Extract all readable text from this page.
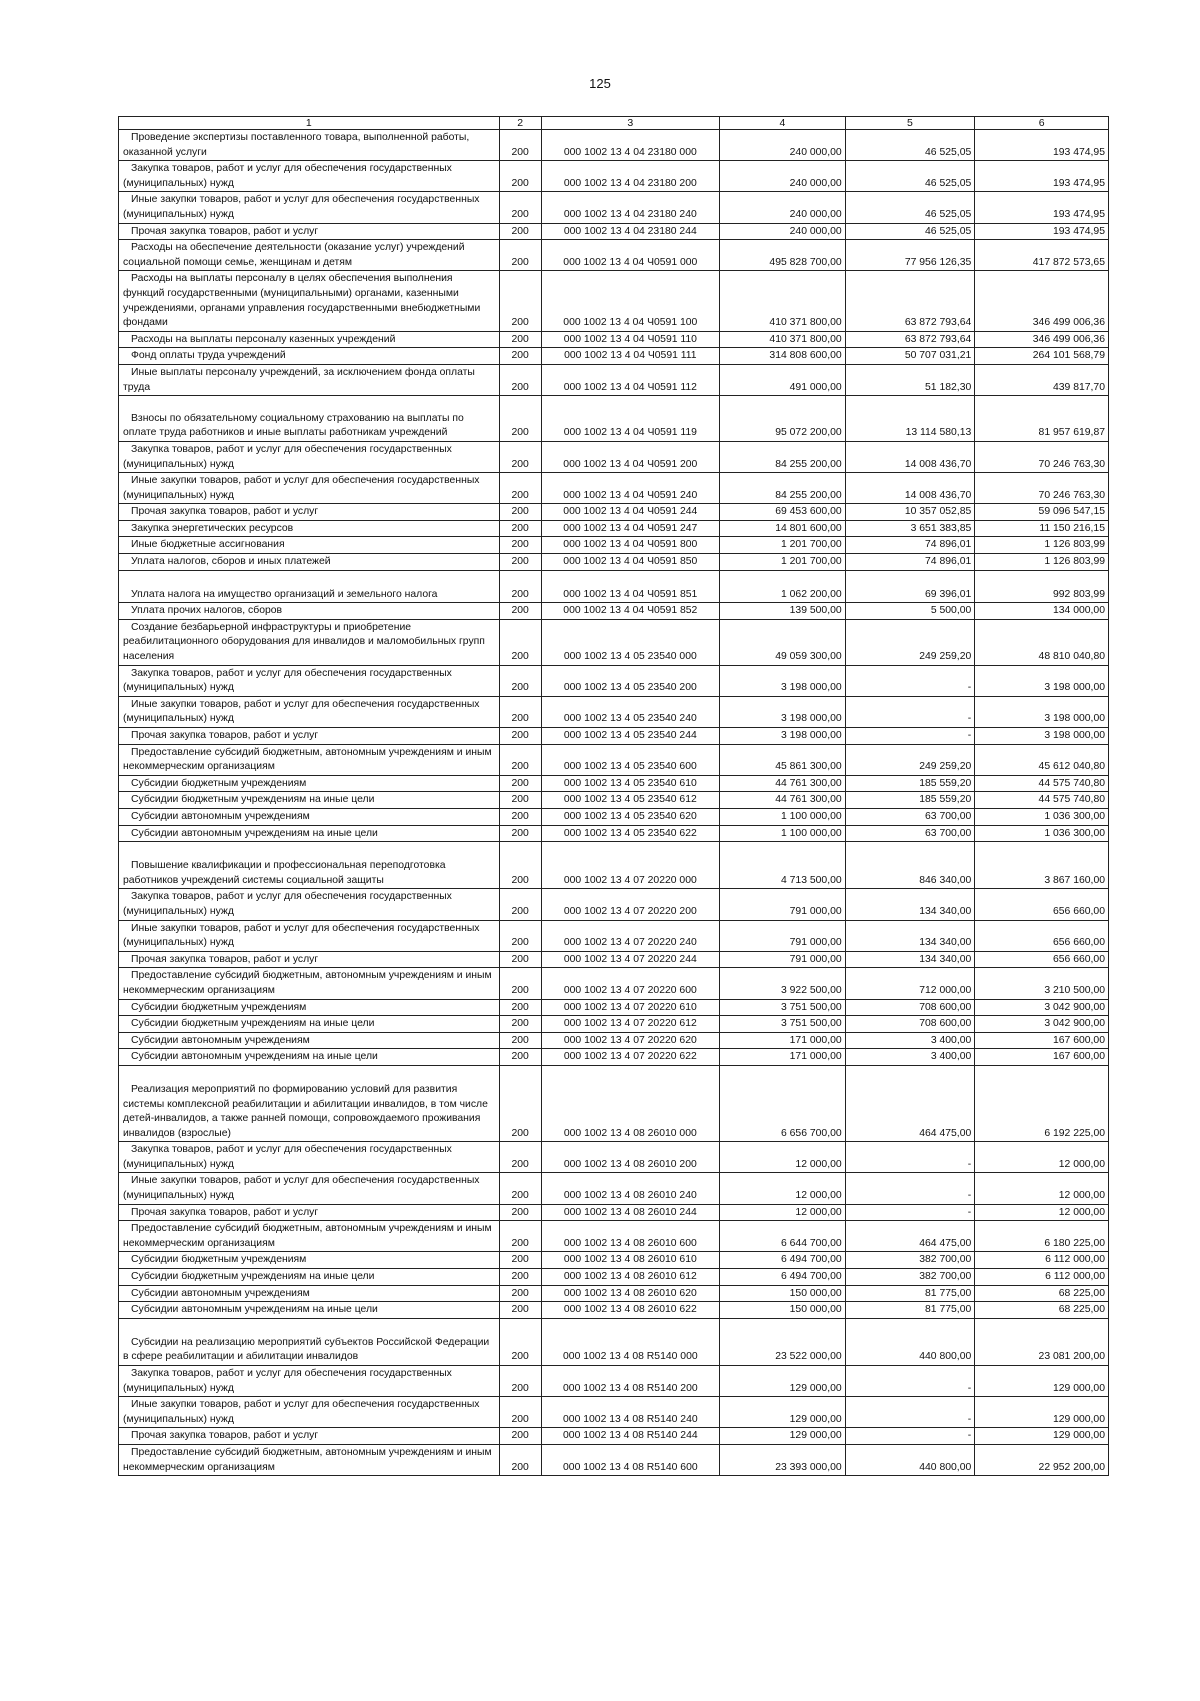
125
1	2	3	4	5	6
Проведение экспертизы поставленного товара, выполненной работы, оказанной услуги	200	000 1002 13 4 04 23180 000	240 000,00	46 525,05	193 474,95
Закупка товаров, работ и услуг для обеспечения государственных (муниципальных) нужд	200	000 1002 13 4 04 23180 200	240 000,00	46 525,05	193 474,95
Иные закупки товаров, работ и услуг для обеспечения государственных (муниципальных) нужд	200	000 1002 13 4 04 23180 240	240 000,00	46 525,05	193 474,95
Прочая закупка товаров, работ и услуг	200	000 1002 13 4 04 23180 244	240 000,00	46 525,05	193 474,95
Расходы на обеспечение деятельности (оказание услуг) учреждений социальной помощи семье, женщинам и детям	200	000 1002 13 4 04 Ч0591 000	495 828 700,00	77 956 126,35	417 872 573,65
Расходы на выплаты персоналу в целях обеспечения выполнения функций государственными (муниципальными) органами, казенными учреждениями, органами управления государственными внебюджетными фондами	200	000 1002 13 4 04 Ч0591 100	410 371 800,00	63 872 793,64	346 499 006,36
Расходы на выплаты персоналу казенных учреждений	200	000 1002 13 4 04 Ч0591 110	410 371 800,00	63 872 793,64	346 499 006,36
Фонд оплаты труда учреждений	200	000 1002 13 4 04 Ч0591 111	314 808 600,00	50 707 031,21	264 101 568,79
Иные выплаты персоналу учреждений, за исключением фонда оплаты труда	200	000 1002 13 4 04 Ч0591 112	491 000,00	51 182,30	439 817,70
Взносы по обязательному социальному страхованию на выплаты по оплате труда работников и иные выплаты работникам учреждений	200	000 1002 13 4 04 Ч0591 119	95 072 200,00	13 114 580,13	81 957 619,87
Закупка товаров, работ и услуг для обеспечения государственных (муниципальных) нужд	200	000 1002 13 4 04 Ч0591 200	84 255 200,00	14 008 436,70	70 246 763,30
Иные закупки товаров, работ и услуг для обеспечения государственных (муниципальных) нужд	200	000 1002 13 4 04 Ч0591 240	84 255 200,00	14 008 436,70	70 246 763,30
Прочая закупка товаров, работ и услуг	200	000 1002 13 4 04 Ч0591 244	69 453 600,00	10 357 052,85	59 096 547,15
Закупка энергетических ресурсов	200	000 1002 13 4 04 Ч0591 247	14 801 600,00	3 651 383,85	11 150 216,15
Иные бюджетные ассигнования	200	000 1002 13 4 04 Ч0591 800	1 201 700,00	74 896,01	1 126 803,99
Уплата налогов, сборов и иных платежей	200	000 1002 13 4 04 Ч0591 850	1 201 700,00	74 896,01	1 126 803,99
Уплата налога на имущество организаций и земельного налога	200	000 1002 13 4 04 Ч0591 851	1 062 200,00	69 396,01	992 803,99
Уплата прочих налогов, сборов	200	000 1002 13 4 04 Ч0591 852	139 500,00	5 500,00	134 000,00
Создание безбарьерной инфраструктуры и приобретение реабилитационного оборудования для инвалидов и маломобильных групп населения	200	000 1002 13 4 05 23540 000	49 059 300,00	249 259,20	48 810 040,80
Закупка товаров, работ и услуг для обеспечения государственных (муниципальных) нужд	200	000 1002 13 4 05 23540 200	3 198 000,00	-	3 198 000,00
Иные закупки товаров, работ и услуг для обеспечения государственных (муниципальных) нужд	200	000 1002 13 4 05 23540 240	3 198 000,00	-	3 198 000,00
Прочая закупка товаров, работ и услуг	200	000 1002 13 4 05 23540 244	3 198 000,00	-	3 198 000,00
Предоставление субсидий бюджетным, автономным учреждениям и иным некоммерческим организациям	200	000 1002 13 4 05 23540 600	45 861 300,00	249 259,20	45 612 040,80
Субсидии бюджетным учреждениям	200	000 1002 13 4 05 23540 610	44 761 300,00	185 559,20	44 575 740,80
Субсидии бюджетным учреждениям на иные цели	200	000 1002 13 4 05 23540 612	44 761 300,00	185 559,20	44 575 740,80
Субсидии автономным учреждениям	200	000 1002 13 4 05 23540 620	1 100 000,00	63 700,00	1 036 300,00
Субсидии автономным учреждениям на иные цели	200	000 1002 13 4 05 23540 622	1 100 000,00	63 700,00	1 036 300,00
Повышение квалификации и профессиональная переподготовка работников учреждений системы социальной защиты	200	000 1002 13 4 07 20220 000	4 713 500,00	846 340,00	3 867 160,00
Закупка товаров, работ и услуг для обеспечения государственных (муниципальных) нужд	200	000 1002 13 4 07 20220 200	791 000,00	134 340,00	656 660,00
Иные закупки товаров, работ и услуг для обеспечения государственных (муниципальных) нужд	200	000 1002 13 4 07 20220 240	791 000,00	134 340,00	656 660,00
Прочая закупка товаров, работ и услуг	200	000 1002 13 4 07 20220 244	791 000,00	134 340,00	656 660,00
Предоставление субсидий бюджетным, автономным учреждениям и иным некоммерческим организациям	200	000 1002 13 4 07 20220 600	3 922 500,00	712 000,00	3 210 500,00
Субсидии бюджетным учреждениям	200	000 1002 13 4 07 20220 610	3 751 500,00	708 600,00	3 042 900,00
Субсидии бюджетным учреждениям на иные цели	200	000 1002 13 4 07 20220 612	3 751 500,00	708 600,00	3 042 900,00
Субсидии автономным учреждениям	200	000 1002 13 4 07 20220 620	171 000,00	3 400,00	167 600,00
Субсидии автономным учреждениям на иные цели	200	000 1002 13 4 07 20220 622	171 000,00	3 400,00	167 600,00
Реализация мероприятий по формированию условий для развития системы комплексной реабилитации и абилитации инвалидов, в том числе детей-инвалидов, а также ранней помощи, сопровождаемого проживания инвалидов (взрослые)	200	000 1002 13 4 08 26010 000	6 656 700,00	464 475,00	6 192 225,00
Закупка товаров, работ и услуг для обеспечения государственных (муниципальных) нужд	200	000 1002 13 4 08 26010 200	12 000,00	-	12 000,00
Иные закупки товаров, работ и услуг для обеспечения государственных (муниципальных) нужд	200	000 1002 13 4 08 26010 240	12 000,00	-	12 000,00
Прочая закупка товаров, работ и услуг	200	000 1002 13 4 08 26010 244	12 000,00	-	12 000,00
Предоставление субсидий бюджетным, автономным учреждениям и иным некоммерческим организациям	200	000 1002 13 4 08 26010 600	6 644 700,00	464 475,00	6 180 225,00
Субсидии бюджетным учреждениям	200	000 1002 13 4 08 26010 610	6 494 700,00	382 700,00	6 112 000,00
Субсидии бюджетным учреждениям на иные цели	200	000 1002 13 4 08 26010 612	6 494 700,00	382 700,00	6 112 000,00
Субсидии автономным учреждениям	200	000 1002 13 4 08 26010 620	150 000,00	81 775,00	68 225,00
Субсидии автономным учреждениям на иные цели	200	000 1002 13 4 08 26010 622	150 000,00	81 775,00	68 225,00
Субсидии на реализацию мероприятий субъектов Российской Федерации в сфере реабилитации и абилитации инвалидов	200	000 1002 13 4 08 R5140 000	23 522 000,00	440 800,00	23 081 200,00
Закупка товаров, работ и услуг для обеспечения государственных (муниципальных) нужд	200	000 1002 13 4 08 R5140 200	129 000,00	-	129 000,00
Иные закупки товаров, работ и услуг для обеспечения государственных (муниципальных) нужд	200	000 1002 13 4 08 R5140 240	129 000,00	-	129 000,00
Прочая закупка товаров, работ и услуг	200	000 1002 13 4 08 R5140 244	129 000,00	-	129 000,00
Предоставление субсидий бюджетным, автономным учреждениям и иным некоммерческим организациям	200	000 1002 13 4 08 R5140 600	23 393 000,00	440 800,00	22 952 200,00
